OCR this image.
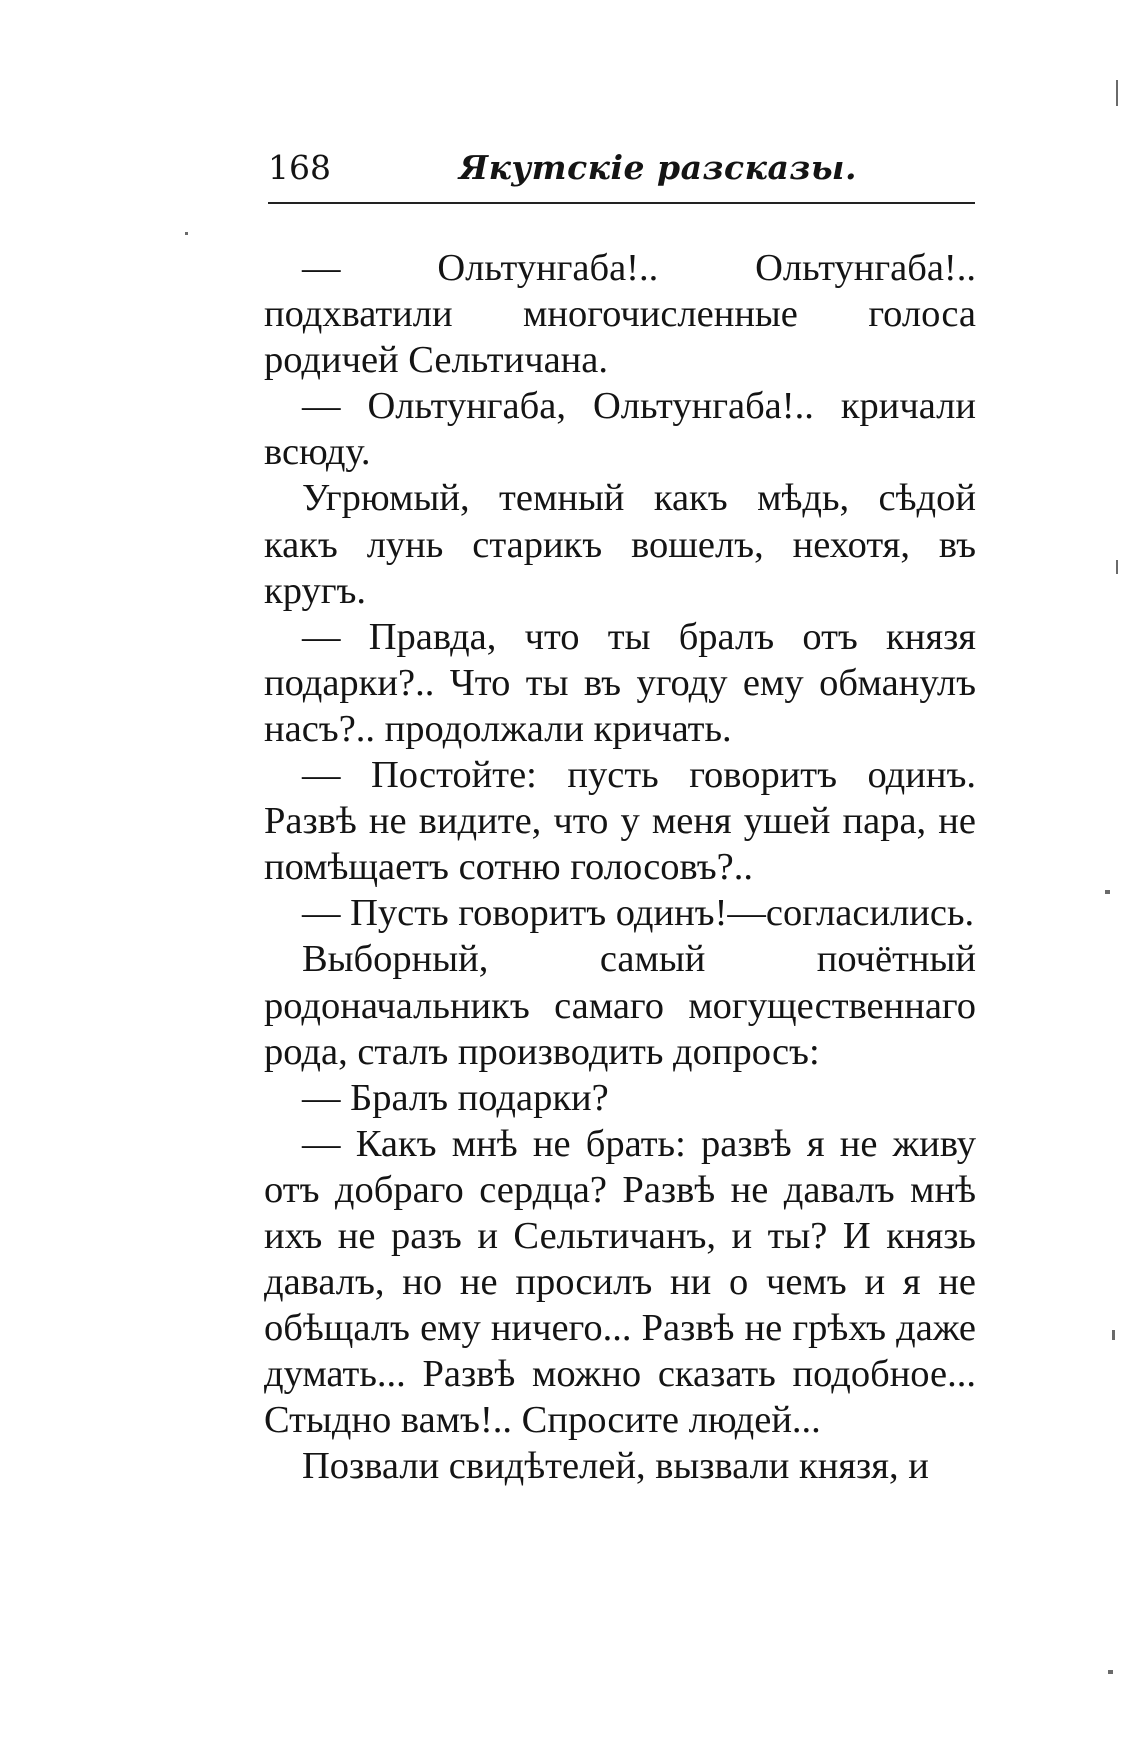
168	Якутскіе разсказы.

— Ольтунгаба!.. Ольтунгаба!.. подхватили многочисленные голоса родичей Сельтичана.

— Ольтунгаба, Ольтунгаба!.. кричали всюду.

Угрюмый, темный какъ мѣдь, сѣдой какъ лунь старикъ вошелъ, нехотя, въ кругъ.

— Правда, что ты бралъ отъ князя подарки?.. Что ты въ угоду ему обманулъ насъ?.. продолжали кричать.

— Постойте: пусть говоритъ одинъ. Развѣ не видите, что у меня ушей пара, не помѣщаетъ сотню голосовъ?..

— Пусть говоритъ одинъ!—согласились.

Выборный, самый почётный родоначальникъ самаго могущественнаго рода, сталъ производить допросъ:

— Бралъ подарки?

— Какъ мнѣ не брать: развѣ я не живу отъ добраго сердца? Развѣ не давалъ мнѣ ихъ не разъ и Сельтичанъ, и ты? И князь давалъ, но не просилъ ни о чемъ и я не обѣщалъ ему ничего... Развѣ не грѣхъ даже думать... Развѣ можно сказать подобное... Стыдно вамъ!.. Спросите людей...

Позвали свидѣтелей, вызвали князя, и
